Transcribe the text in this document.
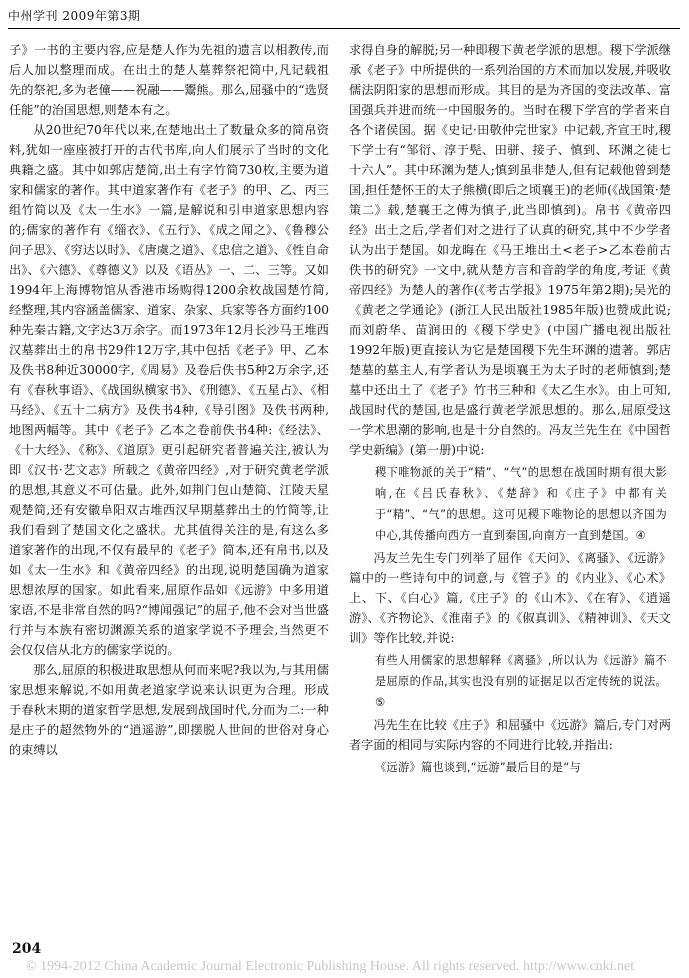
中州学刊 2009年第3期

子》一书的主要内容,应是楚人作为先祖的遗言以相教传,而后人加以整理而成。在出土的楚人墓葬祭祀简中,凡记载祖先的祭祀,多为老僮——祝融——鬻熊。那么,屈骚中的“选贤任能”的治国思想,则楚本有之。

从20世纪70年代以来,在楚地出土了数量众多的简帛资料,犹如一座座被打开的古代书库,向人们展示了当时的文化典籍之盛。其中如郭店楚简,出土有字竹简730枚,主要为道家和儒家的著作。其中道家著作有《老子》的甲、乙、丙三组竹简以及《太一生水》一篇,是解说和引申道家思想内容的;儒家的著作有《缁衣》、《五行》、《成之闻之》、《鲁穆公问子思》、《穷达以时》、《唐虞之道》、《忠信之道》、《性自命出》、《六德》、《尊德义》以及《语丛》一、二、三等。又如1994年上海博物馆从香港市场购得1200余枚战国楚竹简,经整理,其内容涵盖儒家、道家、杂家、兵家等各方面约100种先秦古籍,文字达3万余字。而1973年12月长沙马王堆西汉墓葬出土的帛书29件12万字,其中包括《老子》甲、乙本及佚书8种近30000字,《周易》及卷后佚书5种2万余字,还有《春秋事语》、《战国纵横家书》、《刑德》、《五星占》、《相马经》、《五十二病方》及佚书4种,《导引图》及佚书两种,地图两幅等。其中《老子》乙本之卷前佚书4种:《经法》、《十大经》、《称》、《道原》更引起研究者普遍关注,被认为即《汉书·艺文志》所载之《黄帝四经》,对于研究黄老学派的思想,其意义不可估量。此外,如荆门包山楚简、江陵天星观楚简,还有安徽阜阳双古堆西汉早期墓葬出土的竹简等,让我们看到了楚国文化之盛状。尤其值得关注的是,有这么多道家著作的出现,不仅有最早的《老子》简本,还有帛书,以及如《太一生水》和《黄帝四经》的出现,说明楚国确为道家思想浓厚的国家。如此看来,屈原作品如《远游》中多用道家语,不是非常自然的吗?“博闻强记”的屈子,他不会对当世盛行并与本族有密切渊源关系的道家学说不予理会,当然更不会仅仅信从北方的儒家学说的。

那么,屈原的积极进取思想从何而来呢?我以为,与其用儒家思想来解说,不如用黄老道家学说来认识更为合理。形成于春秋末期的道家哲学思想,发展到战国时代,分而为二:一种是庄子的超然物外的“逍遥游”,即摆脱人世间的世俗对身心的束缚以

求得自身的解脱;另一种即稷下黄老学派的思想。稷下学派继承《老子》中所提供的一系列治国的方术而加以发展,并吸收儒法阴阳家的思想而形成。其目的是为齐国的变法改革、富国强兵并进而统一中国服务的。当时在稷下学宫的学者来自各个诸侯国。据《史记·田敬仲完世家》中记载,齐宣王时,稷下学士有“邹衍、淳于髡、田骈、接子、慎到、环渊之徒七十六人”。其中环渊为楚人;慎到虽非楚人,但有记载他曾到楚国,担任楚怀王的太子熊横(即后之顷襄王)的老师(《战国策·楚策二》载,楚襄王之傅为慎子,此当即慎到)。帛书《黄帝四经》出土之后,学者们对之进行了认真的研究,其中不少学者认为出于楚国。如龙晦在《马王堆出土<老子>乙本卷前古佚书的研究》一文中,就从楚方言和音韵学的角度,考证《黄帝四经》为楚人的著作(《考古学报》1975年第2期);吴光的《黄老之学通论》(浙江人民出版社1985年版)也赞成此说;而刘蔚华、苗润田的《稷下学史》(中国广播电视出版社1992年版)更直接认为它是楚国稷下先生环渊的遗著。郭店楚墓的墓主人,有学者认为是顷襄王为太子时的老师慎到;楚墓中还出土了《老子》竹书三种和《太乙生水》。由上可知,战国时代的楚国,也是盛行黄老学派思想的。那么,屈原受这一学术思潮的影响,也是十分自然的。冯友兰先生在《中国哲学史新编》(第一册)中说:

稷下唯物派的关于“精”、“气”的思想在战国时期有很大影响,在《吕氏春秋》、《楚辞》和《庄子》中都有关于“精”、“气”的思想。这可见稷下唯物论的思想以齐国为中心,其传播向西方一直到秦国,向南方一直到楚国。④

冯友兰先生专门列举了屈作《天问》、《离骚》、《远游》篇中的一些诗句中的词意,与《管子》的《内业》、《心术》上、下、《白心》篇,《庄子》的《山木》、《在宥》、《逍遥游》、《齐物论》、《淮南子》的《俶真训》、《精神训》、《天文训》等作比较,并说:

有些人用儒家的思想解释《离骚》,所以认为《远游》篇不是屈原的作品,其实也没有别的证据足以否定传统的说法。⑤

冯先生在比较《庄子》和屈骚中《远游》篇后,专门对两者字面的相同与实际内容的不同进行比较,并指出:

《远游》篇也谈到,“远游”最后目的是“与

204
© 1994-2012 China Academic Journal Electronic Publishing House. All rights reserved. http://www.cnki.net
